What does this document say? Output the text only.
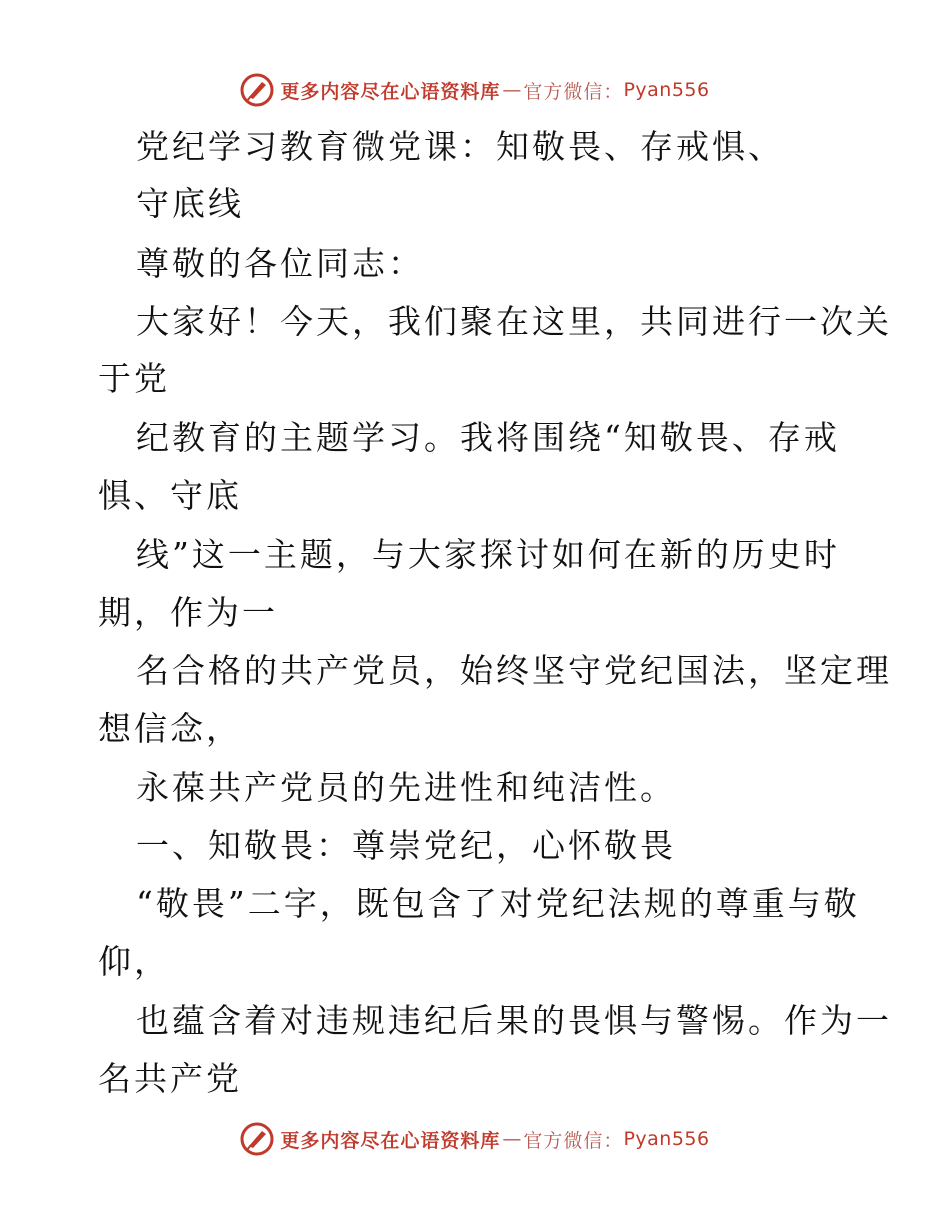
更多内容尽在心语资料库 — 官方微信： Pyan556
党纪学习教育微党课：知敬畏、存戒惧、
守底线
尊敬的各位同志：
大家好！今天，我们聚在这里，共同进行一次关
于党
纪教育的主题学习。我将围绕“知敬畏、存戒
惧、守底
线”这一主题，与大家探讨如何在新的历史时
期，作为一
名合格的共产党员，始终坚守党纪国法，坚定理
想信念，
永葆共产党员的先进性和纯洁性。
一、知敬畏：尊崇党纪，心怀敬畏
“敬畏”二字，既包含了对党纪法规的尊重与敬
仰，
也蕴含着对违规违纪后果的畏惧与警惕。作为一
名共产党
更多内容尽在心语资料库 — 官方微信： Pyan556
